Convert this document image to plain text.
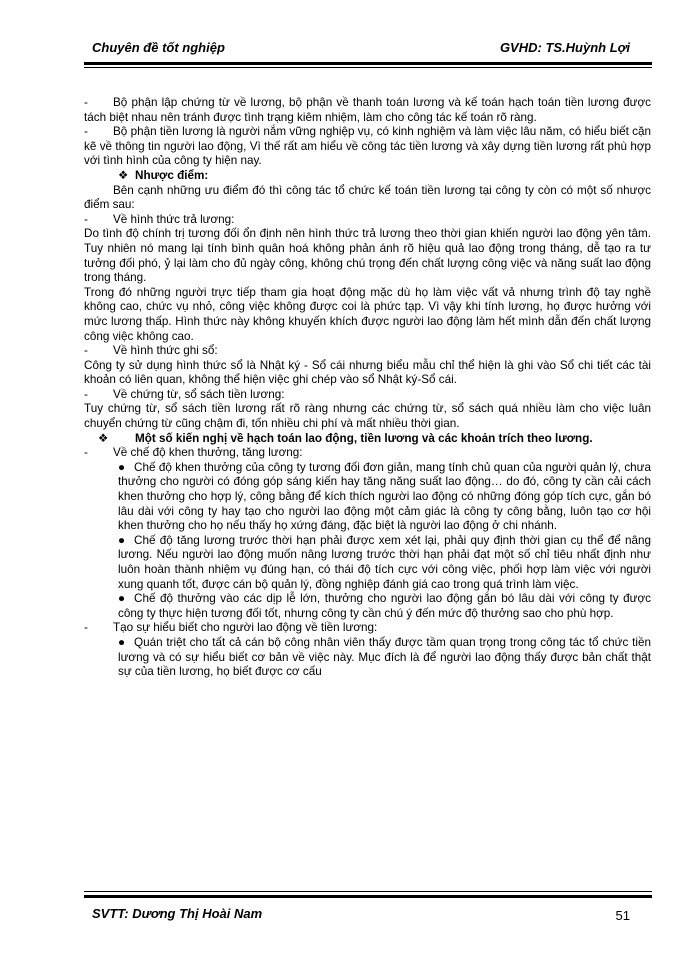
Chuyên đề tốt nghiệp	GVHD: TS.Huỳnh Lợi

- Bộ phận lập chứng từ về lương, bộ phận về thanh toán lương và kế toán hạch toán tiền lương được tách biệt nhau nên tránh được tình trạng kiêm nhiệm, làm cho công tác kế toán rõ ràng.

- Bộ phận tiền lương là người nắm vững nghiệp vụ, có kinh nghiệm và làm việc lâu năm, có hiểu biết cặn kẽ về thông tin người lao động, Vì thế rất am hiểu về công tác tiền lương và xây dựng tiền lương rất phù hợp với tình hình của công ty hiện nay.

❖ Nhược điểm:

Bên cạnh những ưu điểm đó thì công tác tổ chức kế toán tiền lương tại công ty còn có một số nhược điểm sau:

- Về hình thức trả lương:

Do tình độ chính trị tương đối ổn định nên hình thức trả lương theo thời gian khiến người lao động yên tâm. Tuy nhiên nó mang lại tính bình quân hoá không phản ánh rõ hiệu quả lao động trong tháng, dễ tạo ra tư tưởng đối phó, ỷ lại làm cho đủ ngày công, không chú trọng đến chất lượng công việc và năng suất lao động trong tháng.

Trong đó những người trực tiếp tham gia hoạt động mặc dù họ làm việc vất vả nhưng trình độ tay nghề không cao, chức vụ nhỏ, công việc không được coi là phức tạp. Vì vậy khi tính lương, họ được hưởng với mức lương thấp. Hình thức này không khuyến khích được người lao động làm hết mình dẫn đến chất lượng công việc không cao.

- Về hình thức ghi sổ:

Công ty sử dụng hình thức sổ là Nhật ký - Sổ cái nhưng biểu mẫu chỉ thể hiện là ghi vào Sổ chi tiết các tài khoản có liên quan, không thể hiện việc ghi chép vào sổ Nhật ký-Sổ cái.

- Về chứng từ, sổ sách tiền lương:

Tuy chứng từ, sổ sách tiền lương rất rõ ràng nhưng các chứng từ, sổ sách quá nhiều làm cho việc luân chuyển chứng từ cũng chậm đi, tốn nhiều chi phí và mất nhiều thời gian.

❖ Một số kiến nghị về hạch toán lao động, tiền lương và các khoản trích theo lương.

- Về chế độ khen thưởng, tăng lương:

● Chế độ khen thưởng của công ty tương đối đơn giản, mang tính chủ quan của người quản lý, chưa thưởng cho người có đóng góp sáng kiến hay tăng năng suất lao động… do đó, công ty cần cải cách khen thưởng cho hợp lý, công bằng để kích thích người lao động có những đóng góp tích cực, gắn bó lâu dài với công ty hay tạo cho người lao động một cảm giác là công ty công bằng, luôn tạo cơ hội khen thưởng cho họ nếu thấy họ xứng đáng, đặc biệt là người lao động ở chi nhánh.

● Chế độ tăng lương trước thời hạn phải được xem xét lại, phải quy định thời gian cụ thể để nâng lương. Nếu người lao động muốn nâng lương trước thời hạn phải đạt một số chỉ tiêu nhất định như luôn hoàn thành nhiệm vụ đúng hạn, có thái độ tích cực với công việc, phối hợp làm việc với người xung quanh tốt, được cán bộ quản lý, đồng nghiệp đánh giá cao trong quá trình làm việc.

● Chế độ thưởng vào các dịp lễ lớn, thưởng cho người lao động gắn bó lâu dài với công ty được công ty thực hiện tương đối tốt, nhưng công ty cần chú ý đến mức độ thưởng sao cho phù hợp.

- Tạo sự hiểu biết cho người lao động về tiền lương:

● Quán triệt cho tất cả cán bộ công nhân viên thấy được tầm quan trọng trong công tác tổ chức tiền lương và có sự hiểu biết cơ bản về việc này. Mục đích là để người lao động thấy được bản chất thật sự của tiền lương, họ biết được cơ cấu

SVTT: Dương Thị Hoài Nam	51
